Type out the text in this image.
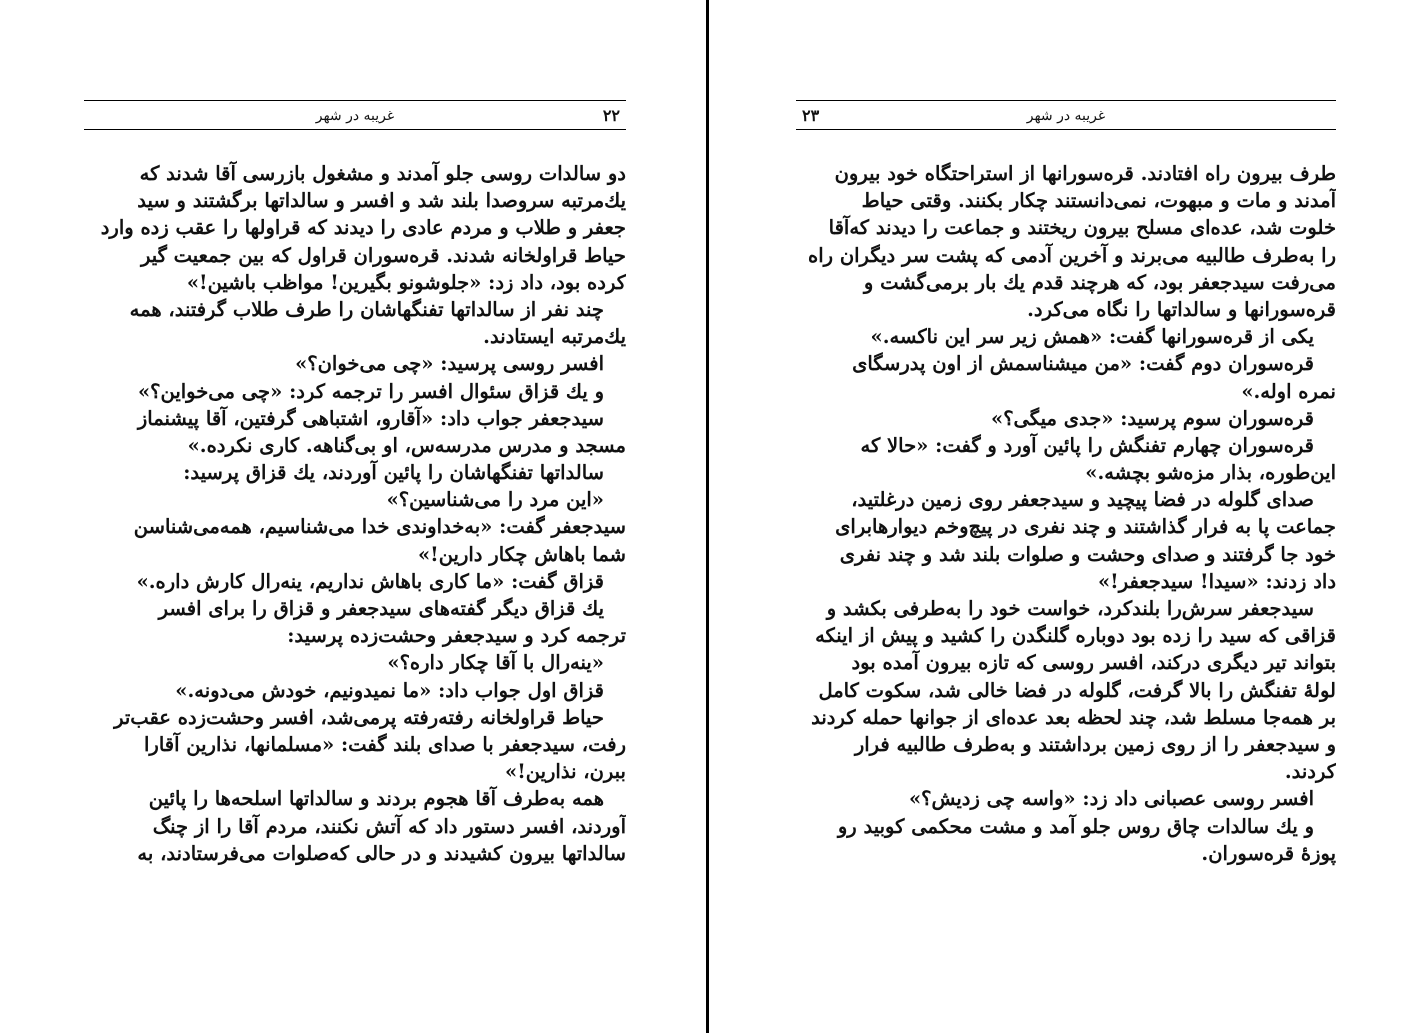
۲۲
غریبه در شهر
دو سالدات روسی جلو آمدند و مشغول بازرسی آقا شدند که
یك‌مرتبه سروصدا بلند شد و افسر و سالداتها برگشتند و سید
جعفر و طلاب و مردم عادی را دیدند که قراولها را عقب زده وارد
حیاط قراولخانه شدند. قره‌سوران قراول که بین جمعیت گیر
کرده بود، داد زد: «جلوشونو بگیرین! مواظب باشین!»
چند نفر از سالداتها تفنگهاشان را طرف طلاب گرفتند، همه
یك‌مرتبه ایستادند.
افسر روسی پرسید: «چی می‌خوان؟»
و یك قزاق سئوال افسر را ترجمه کرد: «چی می‌خواین؟»
سیدجعفر جواب داد: «آقارو، اشتباهی گرفتین، آقا پیشنماز
مسجد و مدرس مدرسه‌س، او بی‌گناهه. کاری نکرده.»
سالداتها تفنگهاشان را پائین آوردند، یك قزاق پرسید:
«این مرد را می‌شناسین؟»
سیدجعفر گفت: «به‌خداوندی خدا می‌شناسیم، همه‌می‌شناسن
شما باهاش چکار دارین!»
قزاق گفت: «ما کاری باهاش نداریم، ینه‌رال کارش داره.»
یك قزاق دیگر گفته‌های سیدجعفر و قزاق را برای افسر
ترجمه کرد و سیدجعفر وحشت‌زده پرسید:
«ینه‌رال با آقا چکار داره؟»
قزاق اول جواب داد: «ما نمیدونیم، خودش می‌دونه.»
حیاط قراولخانه رفته‌رفته پرمی‌شد، افسر وحشت‌زده عقب‌تر
رفت، سیدجعفر با صدای بلند گفت: «مسلمانها، نذارین آقارا
ببرن، نذارین!»
همه به‌طرف آقا هجوم بردند و سالداتها اسلحه‌ها را پائین
آوردند، افسر دستور داد که آتش نکنند، مردم آقا را از چنگ
سالداتها بیرون کشیدند و در حالی که‌صلوات می‌فرستادند، به
۲۳	غریبه در شهر
طرف بیرون راه افتادند. قره‌سورانها از استراحتگاه خود بیرون
آمدند و مات و مبهوت، نمی‌دانستند چکار بکنند. وقتی حیاط
خلوت شد، عده‌ای مسلح بیرون ریختند و جماعت را دیدند که‌آقا
را به‌طرف طالبیه می‌برند و آخرین آدمی که پشت سر دیگران راه
می‌رفت سیدجعفر بود، که هرچند قدم یك بار برمی‌گشت و
قره‌سورانها و سالداتها را نگاه می‌کرد.
یکی از قره‌سورانها گفت: «همش زیر سر این ناکسه.»
قره‌سوران دوم گفت: «من میشناسمش از اون پدرسگای
نمره اوله.»
قره‌سوران سوم پرسید: «جدی میگی؟»
قره‌سوران چهارم تفنگش را پائین آورد و گفت: «حالا که
این‌طوره، بذار مزه‌شو بچشه.»
صدای گلوله در فضا پیچید و سیدجعفر روی زمین درغلتید،
جماعت پا به فرار گذاشتند و چند نفری در پیچ‌وخم دیوارهابرای
خود جا گرفتند و صدای وحشت و صلوات بلند شد و چند نفری
داد زدند: «سیدا! سیدجعفر!»
سیدجعفر سرش‌را بلندکرد، خواست خود را به‌طرفی بکشد و
قزاقی که سید را زده بود دوباره گلنگدن را کشید و پیش از اینکه
بتواند تیر دیگری درکند، افسر روسی که تازه بیرون آمده بود
لولهٔ تفنگش را بالا گرفت، گلوله در فضا خالی شد، سکوت کامل
بر همه‌جا مسلط شد، چند لحظه بعد عده‌ای از جوانها حمله کردند
و سیدجعفر را از روی زمین برداشتند و به‌طرف طالبیه فرار
کردند.
افسر روسی عصبانی داد زد: «واسه چی زدیش؟»
و یك سالدات چاق روس جلو آمد و مشت محکمی کوبید رو
پوزهٔ قره‌سوران.
